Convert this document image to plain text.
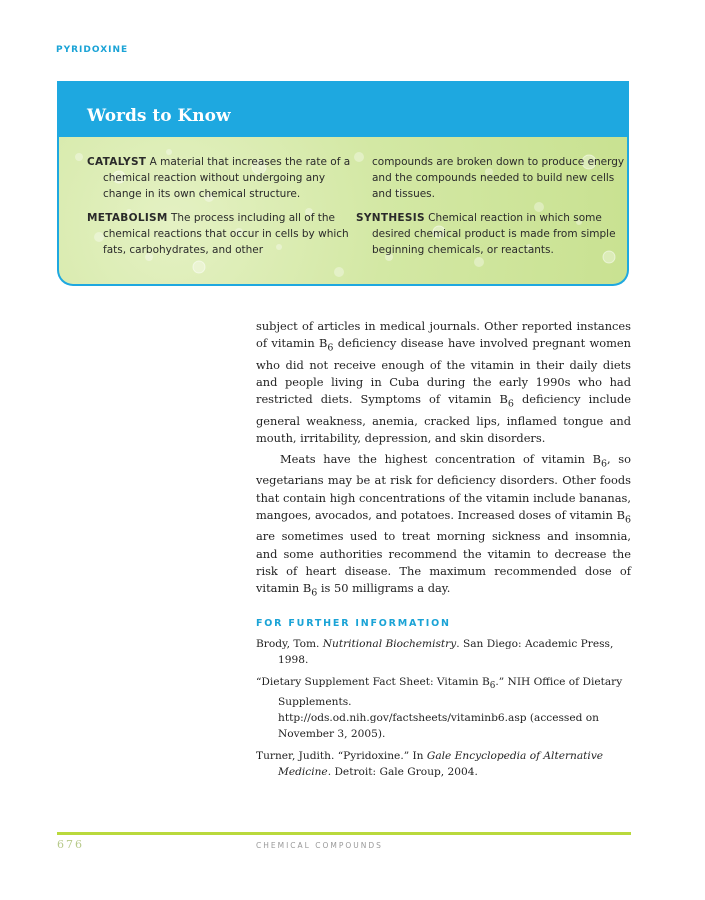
PYRIDOXINE
Words to Know
CATALYST A material that increases the rate of a chemical reaction without undergoing any change in its own chemical structure.
METABOLISM The process including all of the chemical reactions that occur in cells by which fats, carbohydrates, and other
compounds are broken down to produce energy and the compounds needed to build new cells and tissues.
SYNTHESIS Chemical reaction in which some desired chemical product is made from simple beginning chemicals, or reactants.

subject of articles in medical journals. Other reported instances of vitamin $B_6$ deficiency disease have involved pregnant women who did not receive enough of the vitamin in their daily diets and people living in Cuba during the early 1990s who had restricted diets. Symptoms of vitamin $B_6$ deficiency include general weakness, anemia, cracked lips, inflamed tongue and mouth, irritability, depression, and skin disorders.

Meats have the highest concentration of vitamin $B_6$, so vegetarians may be at risk for deficiency disorders. Other foods that contain high concentrations of the vitamin include bananas, mangoes, avocados, and potatoes. Increased doses of vitamin $B_6$ are sometimes used to treat morning sickness and insomnia, and some authorities recommend the vitamin to decrease the risk of heart disease. The maximum recommended dose of vitamin $B_6$ is 50 milligrams a day.

FOR FURTHER INFORMATION

Brody, Tom. Nutritional Biochemistry. San Diego: Academic Press, 1998.

“Dietary Supplement Fact Sheet: Vitamin $B_6$.” NIH Office of Dietary Supplements.
http://ods.od.nih.gov/factsheets/vitaminb6.asp (accessed on November 3, 2005).

Turner, Judith. “Pyridoxine.” In Gale Encyclopedia of Alternative Medicine. Detroit: Gale Group, 2004.

676	CHEMICAL COMPOUNDS
